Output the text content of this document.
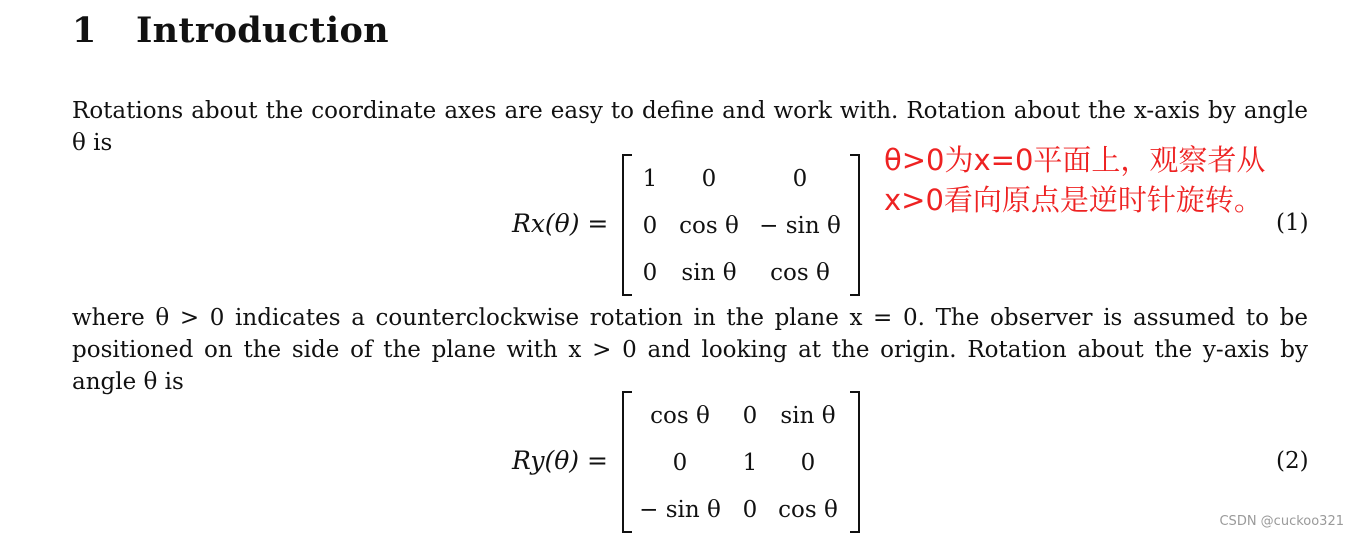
1 Introduction

Rotations about the coordinate axes are easy to define and work with. Rotation about the x-axis by angle θ is

Rx(θ) =
1	0	0
0	cos θ	− sin θ
0	sin θ	cos θ
(1)
θ>0为x=0平面上，观察者从
x>0看向原点是逆时针旋转。

where θ > 0 indicates a counterclockwise rotation in the plane x = 0. The observer is assumed to be positioned on the side of the plane with x > 0 and looking at the origin. Rotation about the y-axis by angle θ is

Ry(θ) =
cos θ	0	sin θ
0	1	0
− sin θ	0	cos θ
(2)
CSDN @cuckoo321
